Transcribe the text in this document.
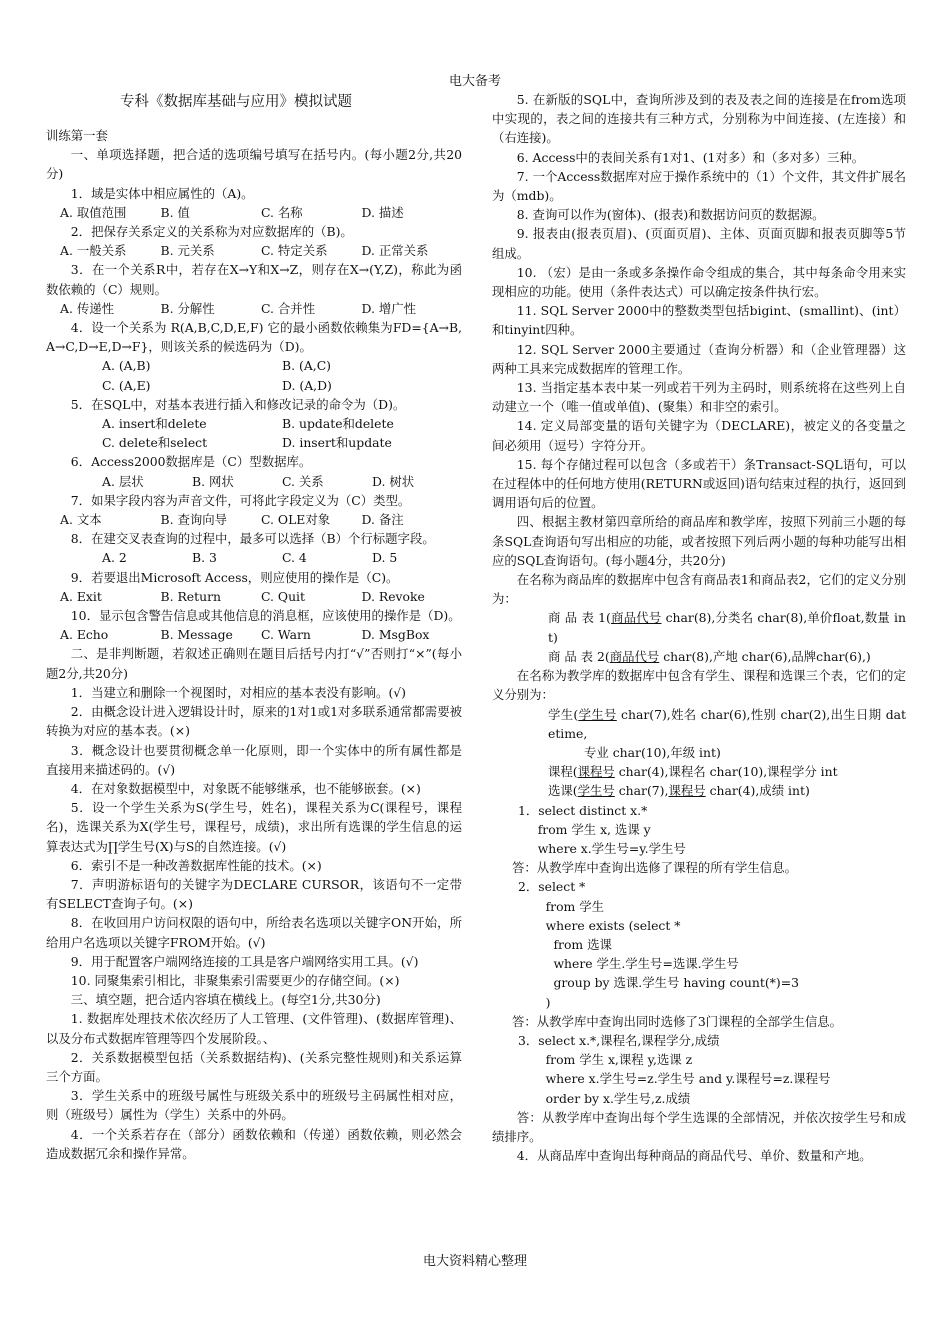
电大备考
专科《数据库基础与应用》模拟试题

训练第一套

一、单项选择题，把合适的选项编号填写在括号内。(每小题2分,共20分)

1．域是实体中相应属性的（A)。

A. 取值范围	B. 值	C. 名称	D. 描述

2．把保存关系定义的关系称为对应数据库的（B)。

A. 一般关系	B. 元关系	C. 特定关系	D. 正常关系

3．在一个关系R中，若存在X→Y和X→Z，则存在X→(Y,Z)，称此为函数依赖的（C）规则。

A. 传递性	B. 分解性	C. 合并性	D. 增广性

4．设一个关系为 R(A,B,C,D,E,F) 它的最小函数依赖集为FD={A→B,A→C,D→E,D→F}，则该关系的候选码为（D)。

A. (A,B)	B. (A,C)
C. (A,E)	D. (A,D)

5．在SQL中，对基本表进行插入和修改记录的命令为（D)。

A. insert和delete	B. update和delete
C. delete和select	D. insert和update

6．Access2000数据库是（C）型数据库。

A. 层状	B. 网状	C. 关系	D. 树状

7．如果字段内容为声音文件，可将此字段定义为（C）类型。

A. 文本	B. 查询向导	C. OLE对象	D. 备注

8．在建交叉表查询的过程中，最多可以选择（B）个行标题字段。

A. 2	B. 3	C. 4	D. 5

9．若要退出Microsoft Access，则应使用的操作是（C)。

A. Exit	B. Return	C. Quit	D. Revoke

10．显示包含警告信息或其他信息的消息框，应该使用的操作是（D)。

A. Echo	B. Message	C. Warn	D. MsgBox

二、是非判断题，若叙述正确则在题目后括号内打“√”否则打“×”(每小题2分,共20分)

1．当建立和删除一个视图时，对相应的基本表没有影响。(√)

2．由概念设计进入逻辑设计时，原来的1对1或1对多联系通常都需要被转换为对应的基本表。(×)

3．概念设计也要贯彻概念单一化原则，即一个实体中的所有属性都是直接用来描述码的。(√)

4．在对象数据模型中，对象既不能够继承，也不能够嵌套。(×)

5．设一个学生关系为S(学生号，姓名)，课程关系为C(课程号，课程名)，选课关系为X(学生号，课程号，成绩)，求出所有选课的学生信息的运算表达式为∏学生号(X)与S的自然连接。(√)

6．索引不是一种改善数据库性能的技术。(×)

7．声明游标语句的关键字为DECLARE CURSOR，该语句不一定带有SELECT查询子句。(×)

8．在收回用户访问权限的语句中，所给表名选项以关键字ON开始，所给用户名选项以关键字FROM开始。(√)

9．用于配置客户端网络连接的工具是客户端网络实用工具。(√)

10. 同聚集索引相比，非聚集索引需要更少的存储空间。(×)

三、填空题，把合适内容填在横线上。(每空1分,共30分)

1. 数据库处理技术依次经历了人工管理、(文件管理)、(数据库管理)、以及分布式数据库管理等四个发展阶段。、

2．关系数据模型包括（关系数据结构)、(关系完整性规则)和关系运算三个方面。

3．学生关系中的班级号属性与班级关系中的班级号主码属性相对应，则（班级号）属性为（学生）关系中的外码。

4．一个关系若存在（部分）函数依赖和（传递）函数依赖，则必然会造成数据冗余和操作异常。

5. 在新版的SQL中，查询所涉及到的表及表之间的连接是在from选项中实现的，表之间的连接共有三种方式，分别称为中间连接、(左连接）和（右连接)。

6. Access中的表间关系有1对1、(1对多）和（多对多）三种。

7. 一个Access数据库对应于操作系统中的（1）个文件，其文件扩展名为（mdb)。

8. 查询可以作为(窗体)、(报表)和数据访问页的数据源。

9. 报表由(报表页眉)、(页面页眉)、主体、页面页脚和报表页脚等5节组成。

10. （宏）是由一条或多条操作命令组成的集合，其中每条命令用来实现相应的功能。使用（条件表达式）可以确定按条件执行宏。

11. SQL Server 2000中的整数类型包括bigint、(smallint)、(int）和tinyint四种。

12. SQL Server 2000主要通过（查询分析器）和（企业管理器）这两种工具来完成数据库的管理工作。

13. 当指定基本表中某一列或若干列为主码时，则系统将在这些列上自动建立一个（唯一值或单值)、(聚集）和非空的索引。

14. 定义局部变量的语句关键字为（DECLARE)，被定义的各变量之间必须用（逗号）字符分开。

15. 每个存储过程可以包含（多或若干）条Transact-SQL语句，可以在过程体中的任何地方使用(RETURN或返回)语句结束过程的执行，返回到调用语句后的位置。

四、根据主教材第四章所给的商品库和教学库，按照下列前三小题的每条SQL查询语句写出相应的功能，或者按照下列后两小题的每种功能写出相应的SQL查询语句。(每小题4分，共20分)

在名称为商品库的数据库中包含有商品表1和商品表2，它们的定义分别为：

商 品 表 1(商品代号 char(8),分类名 char(8),单价float,数量 int)

商 品 表 2(商品代号 char(8),产地 char(6),品牌char(6),)

在名称为教学库的数据库中包含有学生、课程和选课三个表，它们的定义分别为：

学生(学生号 char(7),姓名 char(6),性别 char(2),出生日期 datetime,

专业 char(10),年级 int)

课程(课程号 char(4),课程名 char(10),课程学分 int

选课(学生号 char(7),课程号 char(4),成绩 int)

1．select distinct x.*

from 学生 x, 选课 y

where x.学生号=y.学生号

答：从教学库中查询出选修了课程的所有学生信息。

2．select *

from 学生

where exists (select *

from 选课

where 学生.学生号=选课.学生号

group by 选课.学生号 having count(*)=3

)

答：从教学库中查询出同时选修了3门课程的全部学生信息。

3．select x.*,课程名,课程学分,成绩

from 学生 x,课程 y,选课 z

where x.学生号=z.学生号 and y.课程号=z.课程号

order by x.学生号,z.成绩

答：从教学库中查询出每个学生选课的全部情况，并依次按学生号和成绩排序。

4．从商品库中查询出每种商品的商品代号、单价、数量和产地。

电大资料精心整理
